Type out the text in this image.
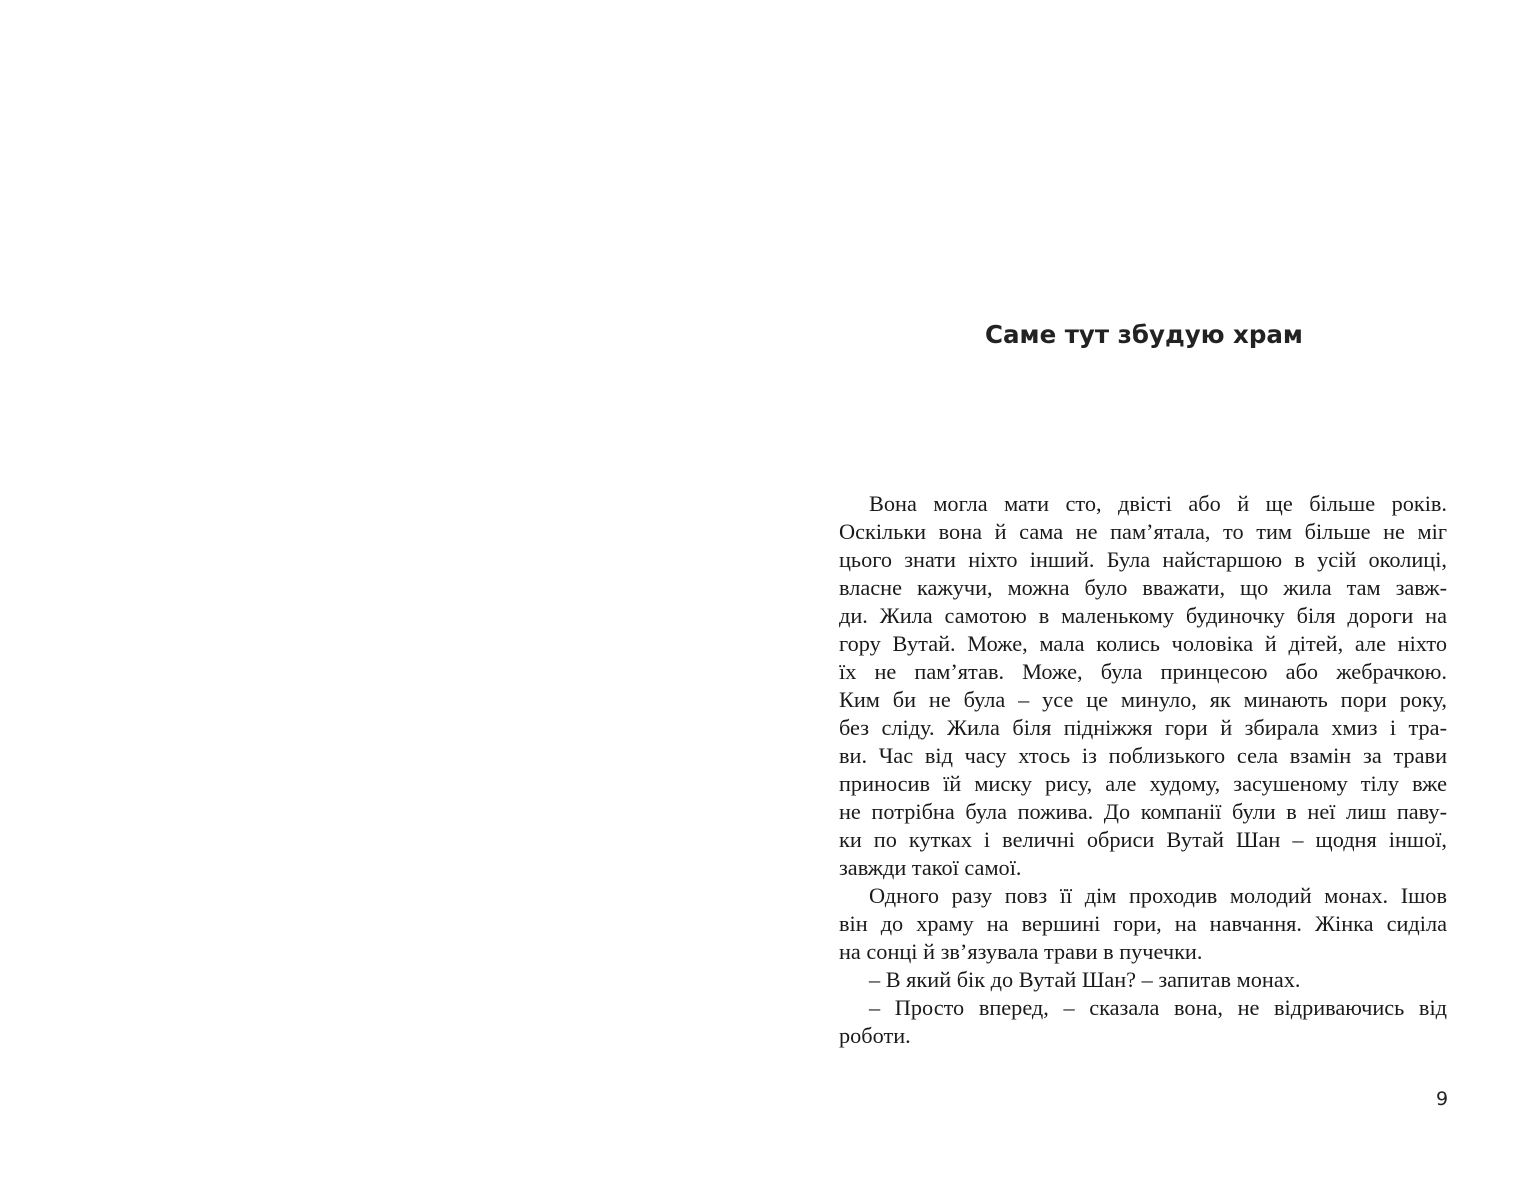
Саме тут збудую храм
Вона могла мати сто, двісті або й ще більше років.
Оскільки вона й сама не пам’ятала, то тим більше не міг
цього знати ніхто інший. Була найстаршою в усій околиці,
власне кажучи, можна було вважати, що жила там завж-
ди. Жила самотою в маленькому будиночку біля дороги на
гору Вутай. Може, мала колись чоловіка й дітей, але ніхто
їх не пам’ятав. Може, була принцесою або жебрачкою.
Ким би не була – усе це минуло, як минають пори року,
без сліду. Жила біля підніжжя гори й збирала хмиз і тра-
ви. Час від часу хтось із поблизького села взамін за трави
приносив їй миску рису, але худому, засушеному тілу вже
не потрібна була пожива. До компанії були в неї лиш паву-
ки по кутках і величні обриси Вутай Шан – щодня іншої,
завжди такої самої.
Одного разу повз її дім проходив молодий монах. Ішов
він до храму на вершині гори, на навчання. Жінка сиділа
на сонці й зв’язувала трави в пучечки.
– В який бік до Вутай Шан? – запитав монах.
– Просто вперед, – сказала вона, не відриваючись від
роботи.
9
